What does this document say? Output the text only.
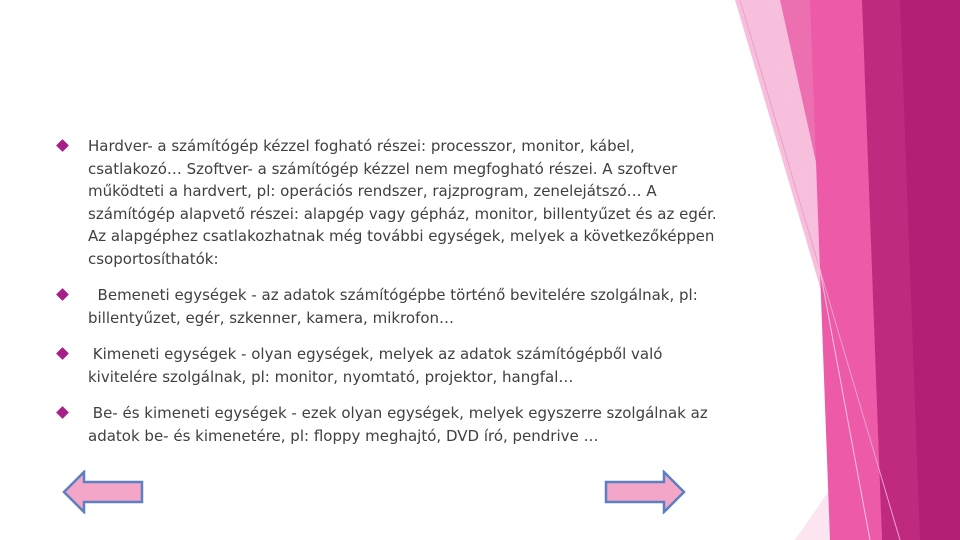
Hardver- a számítógép kézzel fogható részei: processzor, monitor, kábel, csatlakozó… Szoftver- a számítógép kézzel nem megfogható részei. A szoftver működteti a hardvert, pl: operációs rendszer, rajzprogram, zenelejátszó… A számítógép alapvető részei: alapgép vagy gépház, monitor, billentyűzet és az egér. Az alapgéphez csatlakozhatnak még további egységek, melyek a következőképpen csoportosíthatók:
Bemeneti egységek - az adatok számítógépbe történő bevitelére szolgálnak, pl: billentyűzet, egér, szkenner, kamera, mikrofon…
Kimeneti egységek - olyan egységek, melyek az adatok számítógépből való kivitelére szolgálnak, pl: monitor, nyomtató, projektor, hangfal…
Be- és kimeneti egységek - ezek olyan egységek, melyek egyszerre szolgálnak az adatok be- és kimenetére, pl: floppy meghajtó, DVD író, pendrive …
